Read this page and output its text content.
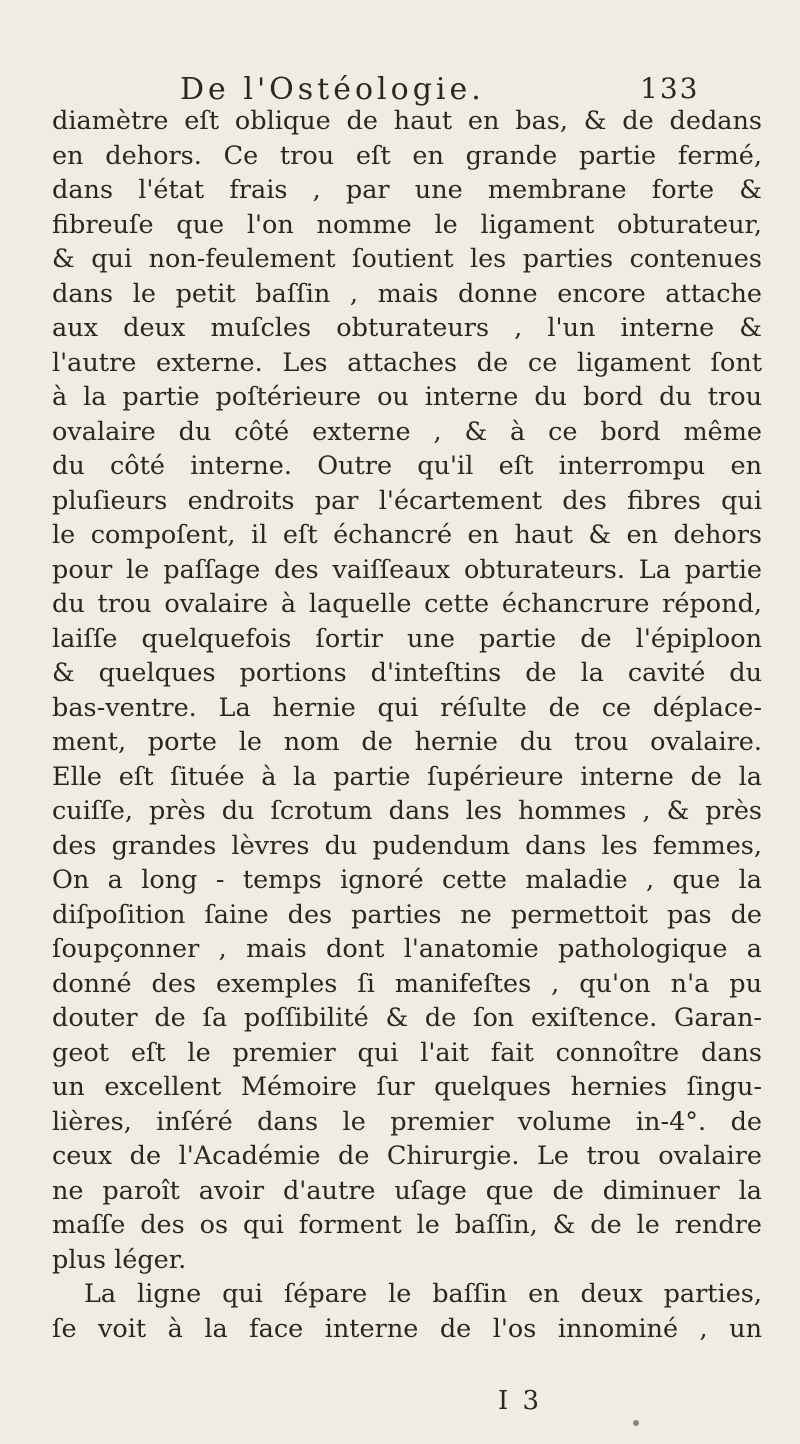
De l'Ostéologie.	133
diamètre eſt oblique de haut en bas, & de dedans
en dehors. Ce trou eſt en grande partie fermé,
dans l'état frais , par une membrane forte &
fibreuſe que l'on nomme le ligament obturateur,
& qui non-feulement ſoutient les parties contenues
dans le petit baſſin , mais donne encore attache
aux deux muſcles obturateurs , l'un interne &
l'autre externe. Les attaches de ce ligament ſont
à la partie poſtérieure ou interne du bord du trou
ovalaire du côté externe , & à ce bord même
du côté interne. Outre qu'il eſt interrompu en
pluſieurs endroits par l'écartement des fibres qui
le compoſent, il eſt échancré en haut & en dehors
pour le paſſage des vaiſſeaux obturateurs. La partie
du trou ovalaire à laquelle cette échancrure répond,
laiſſe quelquefois ſortir une partie de l'épiploon
& quelques portions d'inteſtins de la cavité du
bas-ventre. La hernie qui réſulte de ce déplace-
ment, porte le nom de hernie du trou ovalaire.
Elle eſt ſituée à la partie ſupérieure interne de la
cuiſſe, près du ſcrotum dans les hommes , & près
des grandes lèvres du pudendum dans les femmes,
On a long - temps ignoré cette maladie , que la
diſpoſition ſaine des parties ne permettoit pas de
ſoupçonner , mais dont l'anatomie pathologique a
donné des exemples ſi manifeſtes , qu'on n'a pu
douter de ſa poſſibilité & de ſon exiſtence. Garan-
geot eſt le premier qui l'ait fait connoître dans
un excellent Mémoire ſur quelques hernies ſingu-
lières, inſéré dans le premier volume in-4°. de
ceux de l'Académie de Chirurgie. Le trou ovalaire
ne paroît avoir d'autre uſage que de diminuer la
maſſe des os qui forment le baſſin, & de le rendre
plus léger.
La ligne qui ſépare le baſſin en deux parties,
ſe voit à la face interne de l'os innominé , un
I 3
